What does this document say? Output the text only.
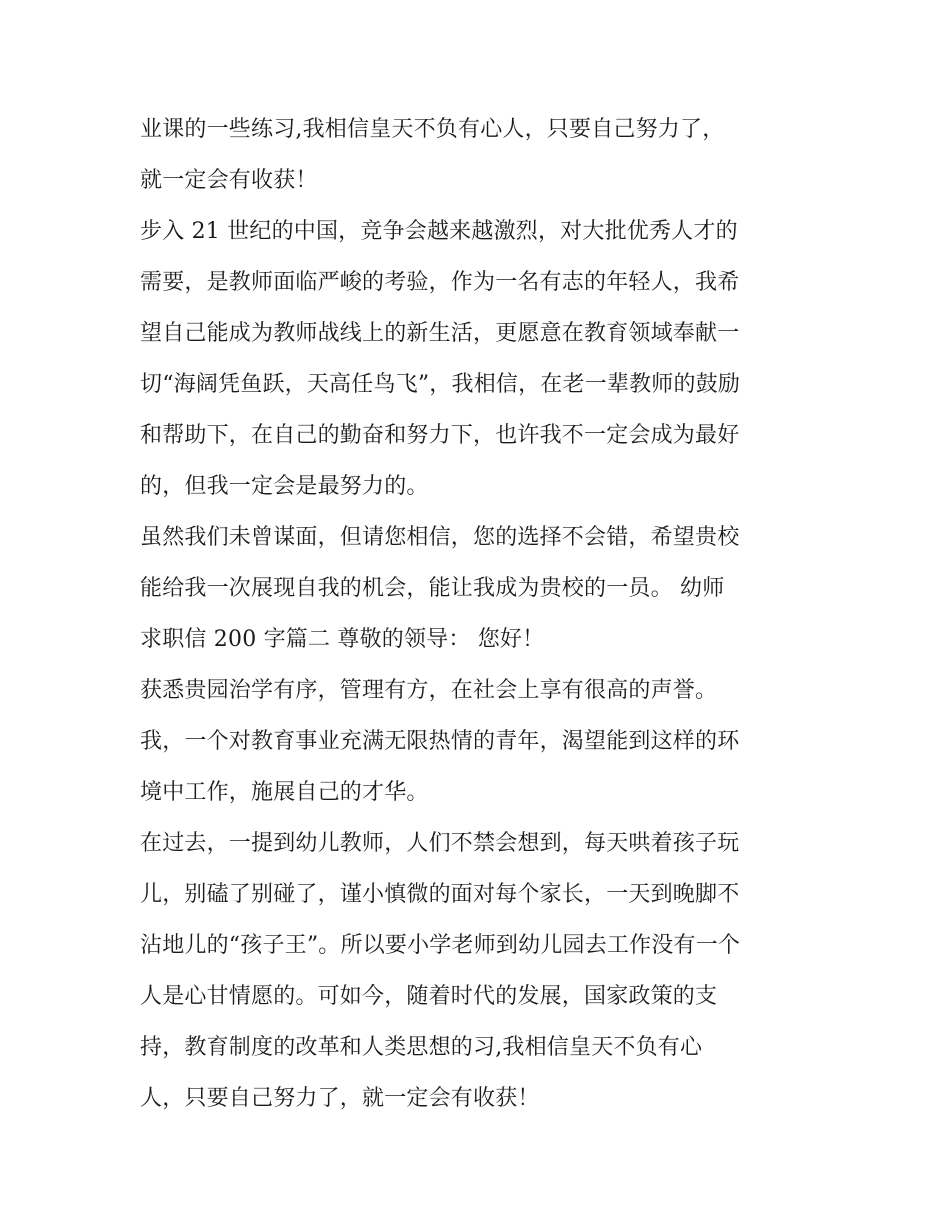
业课的一些练习,我相信皇天不负有心人，只要自己努力了，
就一定会有收获！
步入 21 世纪的中国，竞争会越来越激烈，对大批优秀人才的
需要，是教师面临严峻的考验，作为一名有志的年轻人，我希
望自己能成为教师战线上的新生活，更愿意在教育领域奉献一
切“海阔凭鱼跃，天高任鸟飞”，我相信，在老一辈教师的鼓励
和帮助下，在自己的勤奋和努力下，也许我不一定会成为最好
的，但我一定会是最努力的。
虽然我们未曾谋面，但请您相信，您的选择不会错，希望贵校
能给我一次展现自我的机会，能让我成为贵校的一员。 幼师
求职信 200 字篇二 尊敬的领导： 您好！
获悉贵园治学有序，管理有方，在社会上享有很高的声誉。
我，一个对教育事业充满无限热情的青年，渴望能到这样的环
境中工作，施展自己的才华。
在过去，一提到幼儿教师，人们不禁会想到，每天哄着孩子玩
儿，别磕了别碰了，谨小慎微的面对每个家长，一天到晚脚不
沾地儿的“孩子王”。所以要小学老师到幼儿园去工作没有一个
人是心甘情愿的。可如今，随着时代的发展，国家政策的支
持，教育制度的改革和人类思想的习,我相信皇天不负有心
人，只要自己努力了，就一定会有收获！
